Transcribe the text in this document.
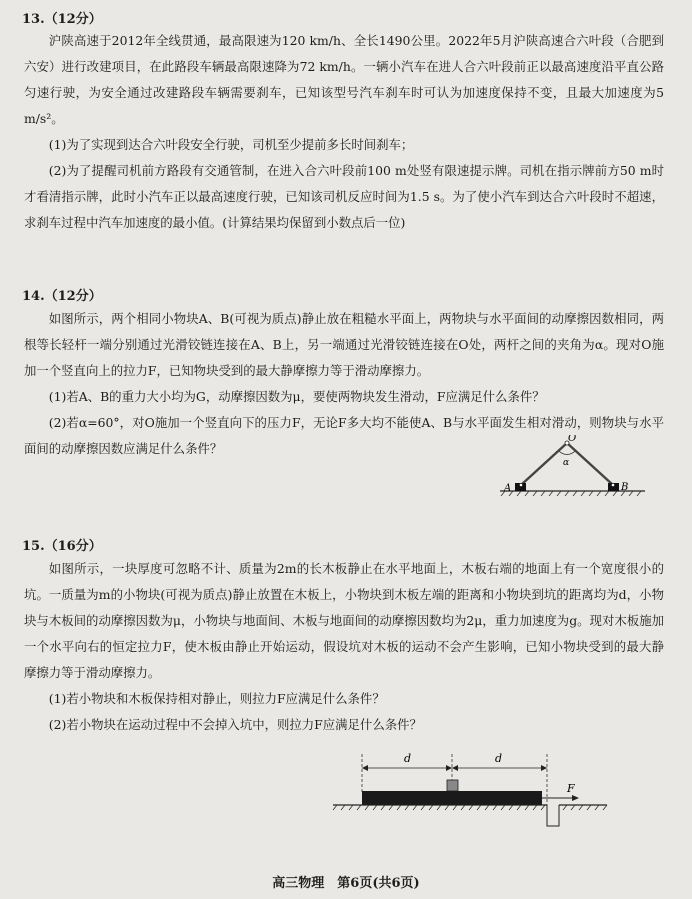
13.（12分）

沪陕高速于2012年全线贯通，最高限速为120 km/h、全长1490公里。2022年5月沪陕高速合六叶段（合肥到六安）进行改建项目，在此路段车辆最高限速降为72 km/h。一辆小汽车在进人合六叶段前正以最高速度沿平直公路匀速行驶，为安全通过改建路段车辆需要刹车，已知该型号汽车刹车时可认为加速度保持不变，且最大加速度为5 m/s²。

(1)为了实现到达合六叶段安全行驶，司机至少提前多长时间刹车；

(2)为了提醒司机前方路段有交通管制，在进入合六叶段前100 m处竖有限速提示牌。司机在指示牌前方50 m时才看清指示牌，此时小汽车正以最高速度行驶，已知该司机反应时间为1.5 s。为了使小汽车到达合六叶段时不超速，求刹车过程中汽车加速度的最小值。(计算结果均保留到小数点后一位)

14.（12分）

如图所示，两个相同小物块A、B(可视为质点)静止放在粗糙水平面上，两物块与水平面间的动摩擦因数相同，两根等长轻杆一端分别通过光滑铰链连接在A、B上，另一端通过光滑铰链连接在O处，两杆之间的夹角为α。现对O施加一个竖直向上的拉力F，已知物块受到的最大静摩擦力等于滑动摩擦力。

(1)若A、B的重力大小均为G，动摩擦因数为μ，要使两物块发生滑动，F应满足什么条件？

(2)若α=60°，对O施加一个竖直向下的压力F，无论F多大均不能使A、B与水平面发生相对滑动，则物块与水平面间的动摩擦因数应满足什么条件？

O
α
A	B
15.（16分）

如图所示，一块厚度可忽略不计、质量为2m的长木板静止在水平地面上，木板右端的地面上有一个宽度很小的坑。一质量为m的小物块(可视为质点)静止放置在木板上，小物块到木板左端的距离和小物块到坑的距离均为d，小物块与木板间的动摩擦因数为μ，小物块与地面间、木板与地面间的动摩擦因数均为2μ，重力加速度为g。现对木板施加一个水平向右的恒定拉力F，使木板由静止开始运动，假设坑对木板的运动不会产生影响，已知小物块受到的最大静摩擦力等于滑动摩擦力。

(1)若小物块和木板保持相对静止，则拉力F应满足什么条件？

(2)若小物块在运动过程中不会掉入坑中，则拉力F应满足什么条件？

d	d
F
高三物理　第6页(共6页)
